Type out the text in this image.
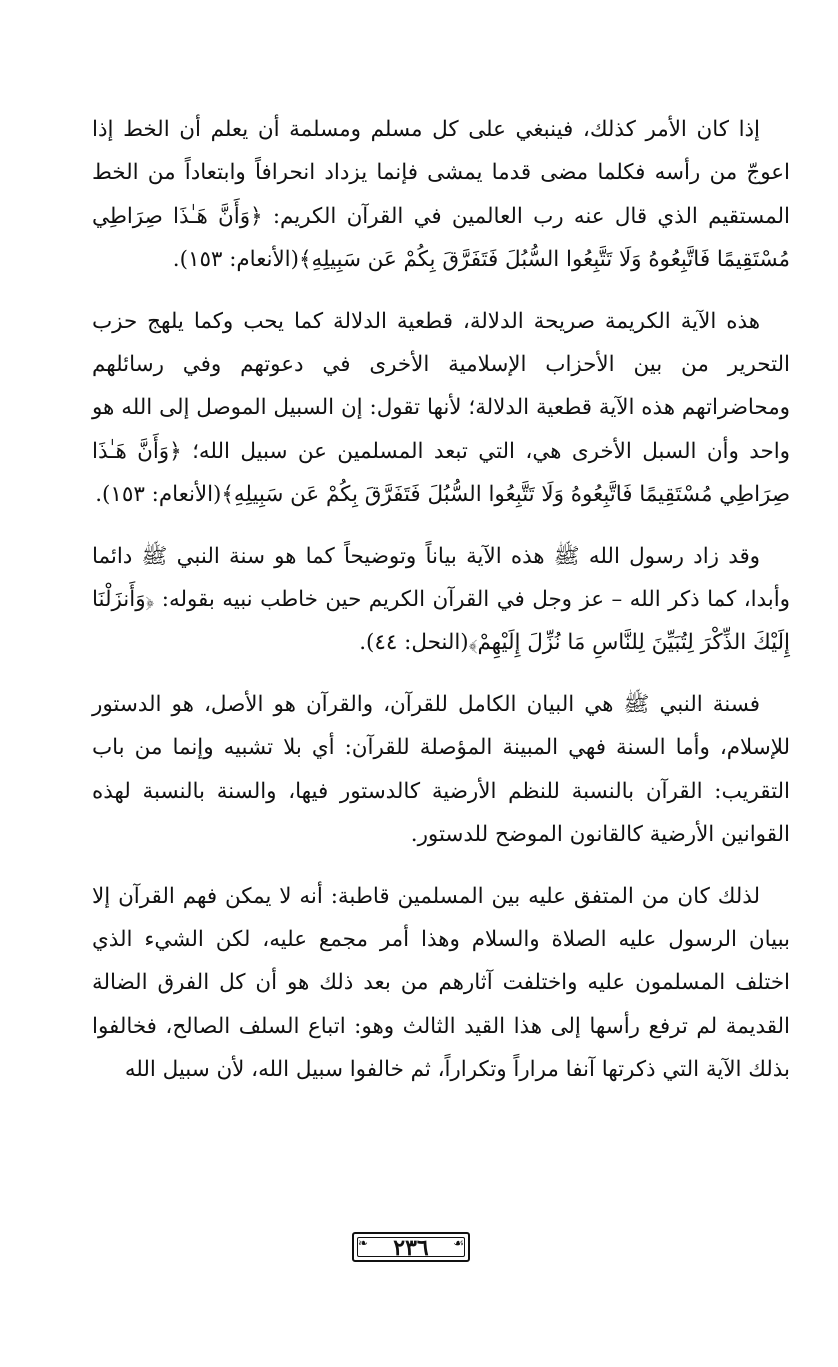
إذا كان الأمر كذلك، فينبغي على كل مسلم ومسلمة أن يعلم أن الخط إذا اعوجّ من رأسه فكلما مضى قدما يمشى فإنما يزداد انحرافاً وابتعاداً من الخط المستقيم الذي قال عنه رب العالمين في القرآن الكريم: ﴿وَأَنَّ هَـٰذَا صِرَاطِي مُسْتَقِيمًا فَاتَّبِعُوهُ وَلَا تَتَّبِعُوا السُّبُلَ فَتَفَرَّقَ بِكُمْ عَن سَبِيلِهِ﴾(الأنعام: ١٥٣).

هذه الآية الكريمة صريحة الدلالة، قطعية الدلالة كما يحب وكما يلهج حزب التحرير من بين الأحزاب الإسلامية الأخرى في دعوتهم وفي رسائلهم ومحاضراتهم هذه الآية قطعية الدلالة؛ لأنها تقول: إن السبيل الموصل إلى الله هو واحد وأن السبل الأخرى هي، التي تبعد المسلمين عن سبيل الله؛ ﴿وَأَنَّ هَـٰذَا صِرَاطِي مُسْتَقِيمًا فَاتَّبِعُوهُ وَلَا تَتَّبِعُوا السُّبُلَ فَتَفَرَّقَ بِكُمْ عَن سَبِيلِهِ﴾(الأنعام: ١٥٣).

وقد زاد رسول الله ﷺ هذه الآية بياناً وتوضيحاً كما هو سنة النبي ﷺ دائما وأبدا، كما ذكر الله – عز وجل في القرآن الكريم حين خاطب نبيه بقوله: ﴿وَأَنزَلْنَا إِلَيْكَ الذِّكْرَ لِتُبَيِّنَ لِلنَّاسِ مَا نُزِّلَ إِلَيْهِمْ﴾(النحل: ٤٤).

فسنة النبي ﷺ هي البيان الكامل للقرآن، والقرآن هو الأصل، هو الدستور للإسلام، وأما السنة فهي المبينة المؤصلة للقرآن: أي بلا تشبيه وإنما من باب التقريب: القرآن بالنسبة للنظم الأرضية كالدستور فيها، والسنة بالنسبة لهذه القوانين الأرضية كالقانون الموضح للدستور.

لذلك كان من المتفق عليه بين المسلمين قاطبة: أنه لا يمكن فهم القرآن إلا ببيان الرسول عليه الصلاة والسلام وهذا أمر مجمع عليه، لكن الشيء الذي اختلف المسلمون عليه واختلفت آثارهم من بعد ذلك هو أن كل الفرق الضالة القديمة لم ترفع رأسها إلى هذا القيد الثالث وهو: اتباع السلف الصالح، فخالفوا بذلك الآية التي ذكرتها آنفا مراراً وتكراراً، ثم خالفوا سبيل الله، لأن سبيل الله

❧	☙
٢٣٦
